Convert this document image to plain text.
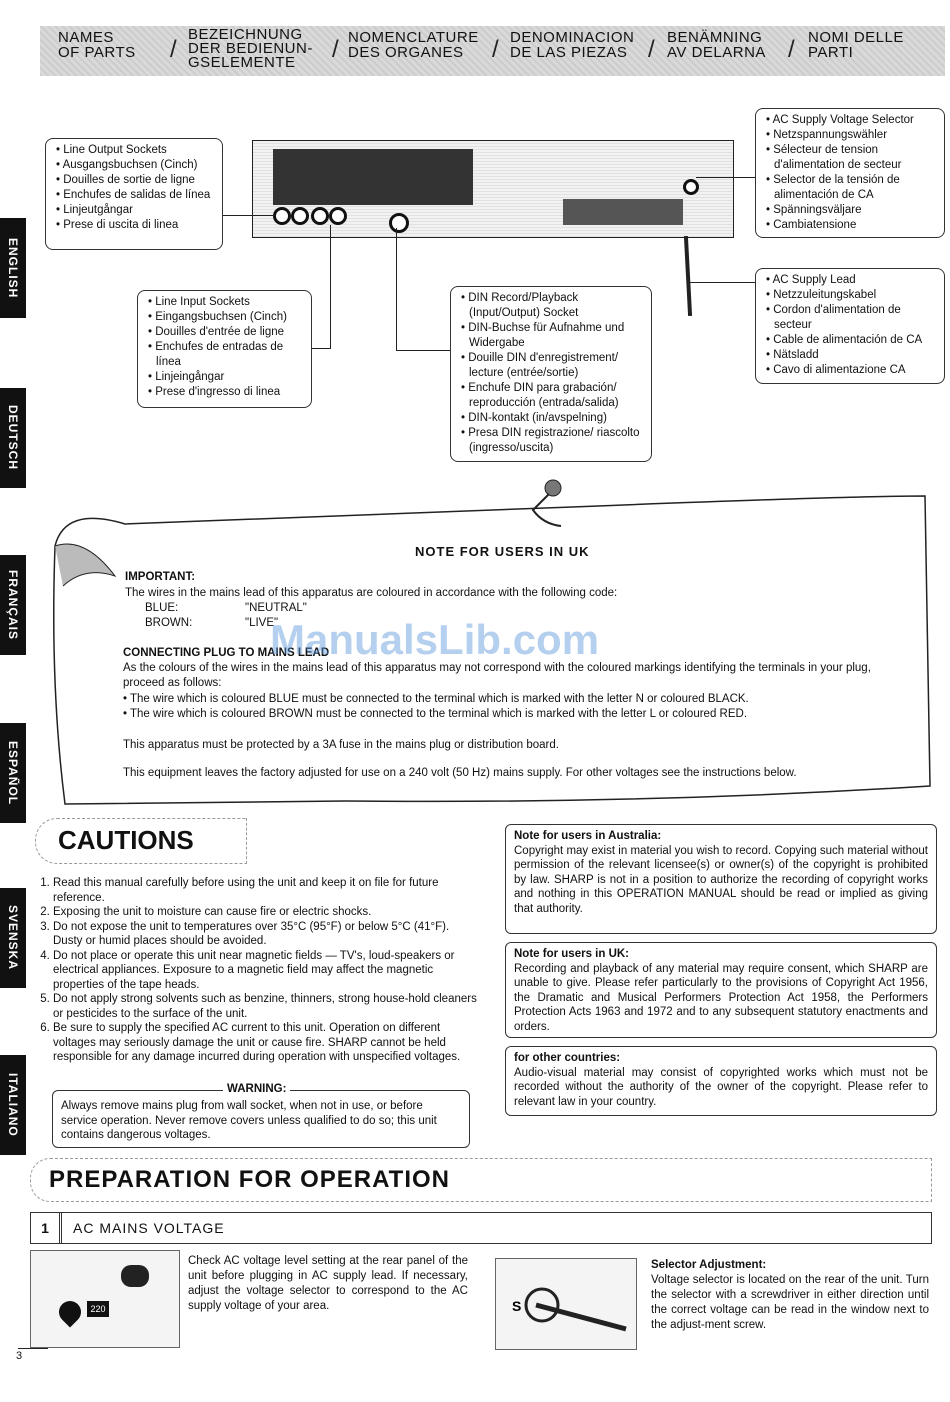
NAMES
OF PARTS /
BEZEICHNUNG
DER BEDIENUN-
GSELEMENTE	/ NOMENCLATURE
DES ORGANES	/ DENOMINACION
DE LAS PIEZAS / BENÄMNING
AV DELARNA / NOMI DELLE
PARTI
ENGLISH
DEUTSCH
FRANÇAIS
ESPAÑOL
SVENSKA
ITALIANO
• Line Output Sockets
• Ausgangsbuchsen (Cinch)
• Douilles de sortie de ligne
• Enchufes de salidas de línea
• Linjeutgångar
• Prese di uscita di linea
• Line Input Sockets
• Eingangsbuchsen (Cinch)
• Douilles d'entrée de ligne
• Enchufes de entradas de línea
• Linjeingångar
• Prese d'ingresso di linea
• DIN Record/Playback (Input/Output) Socket
• DIN-Buchse für Aufnahme und Widergabe
• Douille DIN d'enregistrement/ lecture (entrée/sortie)
• Enchufe DIN para grabación/ reproducción (entrada/salida)
• DIN-kontakt (in/avspelning)
• Presa DIN registrazione/ riascolto (ingresso/uscita)
• AC Supply Voltage Selector
• Netzspannungswähler
• Sélecteur de tension d'alimentation de secteur
• Selector de la tensión de alimentación de CA
• Spänningsväljare
• Cambiatensione
• AC Supply Lead
• Netzzuleitungskabel
• Cordon d'alimentation de secteur
• Cable de alimentación de CA
• Nätsladd
• Cavo di alimentazione CA
NOTE FOR USERS IN UK
IMPORTANT:
The wires in the mains lead of this apparatus are coloured in accordance with the following code:
BLUE:	"NEUTRAL"
BROWN:	"LIVE"
CONNECTING PLUG TO MAINS LEAD
As the colours of the wires in the mains lead of this apparatus may not correspond with the coloured markings identifying the terminals in your plug, proceed as follows:
• The wire which is coloured BLUE must be connected to the terminal which is marked with the letter N or coloured BLACK.
• The wire which is coloured BROWN must be connected to the terminal which is marked with the letter L or coloured RED.
This apparatus must be protected by a 3A fuse in the mains plug or distribution board.
This equipment leaves the factory adjusted for use on a 240 volt (50 Hz) mains supply. For other voltages see the instructions below.
ManualsLib.com
CAUTIONS
1. Read this manual carefully before using the unit and keep it on file for future reference.
2. Exposing the unit to moisture can cause fire or electric shocks.
3. Do not expose the unit to temperatures over 35°C (95°F) or below 5°C (41°F). Dusty or humid places should be avoided.
4. Do not place or operate this unit near magnetic fields — TV's, loud-speakers or electrical appliances. Exposure to a magnetic field may affect the magnetic properties of the tape heads.
5. Do not apply strong solvents such as benzine, thinners, strong house-hold cleaners or pesticides to the surface of the unit.
6. Be sure to supply the specified AC current to this unit. Operation on different voltages may seriously damage the unit or cause fire. SHARP cannot be held responsible for any damage incurred during operation with unspecified voltages.
WARNING:
Always remove mains plug from wall socket, when not in use, or before service operation. Never remove covers unless qualified to do so; this unit contains dangerous voltages.
Note for users in Australia:
Copyright may exist in material you wish to record. Copying such material without permission of the relevant licensee(s) or owner(s) of the copyright is prohibited by law. SHARP is not in a position to authorize the recording of copyright works and nothing in this OPERATION MANUAL should be read or implied as giving that authority.
Note for users in UK:
Recording and playback of any material may require consent, which SHARP are unable to give. Please refer particularly to the provisions of Copyright Act 1956, the Dramatic and Musical Performers Protection Act 1958, the Performers Protection Acts 1963 and 1972 and to any subsequent statutory enactments and orders.
for other countries:
Audio-visual material may consist of copyrighted works which must not be recorded without the authority of the owner of the copyright. Please refer to relevant law in your country.
PREPARATION FOR OPERATION
1	AC MAINS VOLTAGE
220
Check AC voltage level setting at the rear panel of the unit before plugging in AC supply lead. If necessary, adjust the voltage selector to correspond to the AC supply voltage of your area.	S
Selector Adjustment:
Voltage selector is located on the rear of the unit. Turn the selector with a screwdriver in either direction until the correct voltage can be read in the window next to the adjust-ment screw.
3
